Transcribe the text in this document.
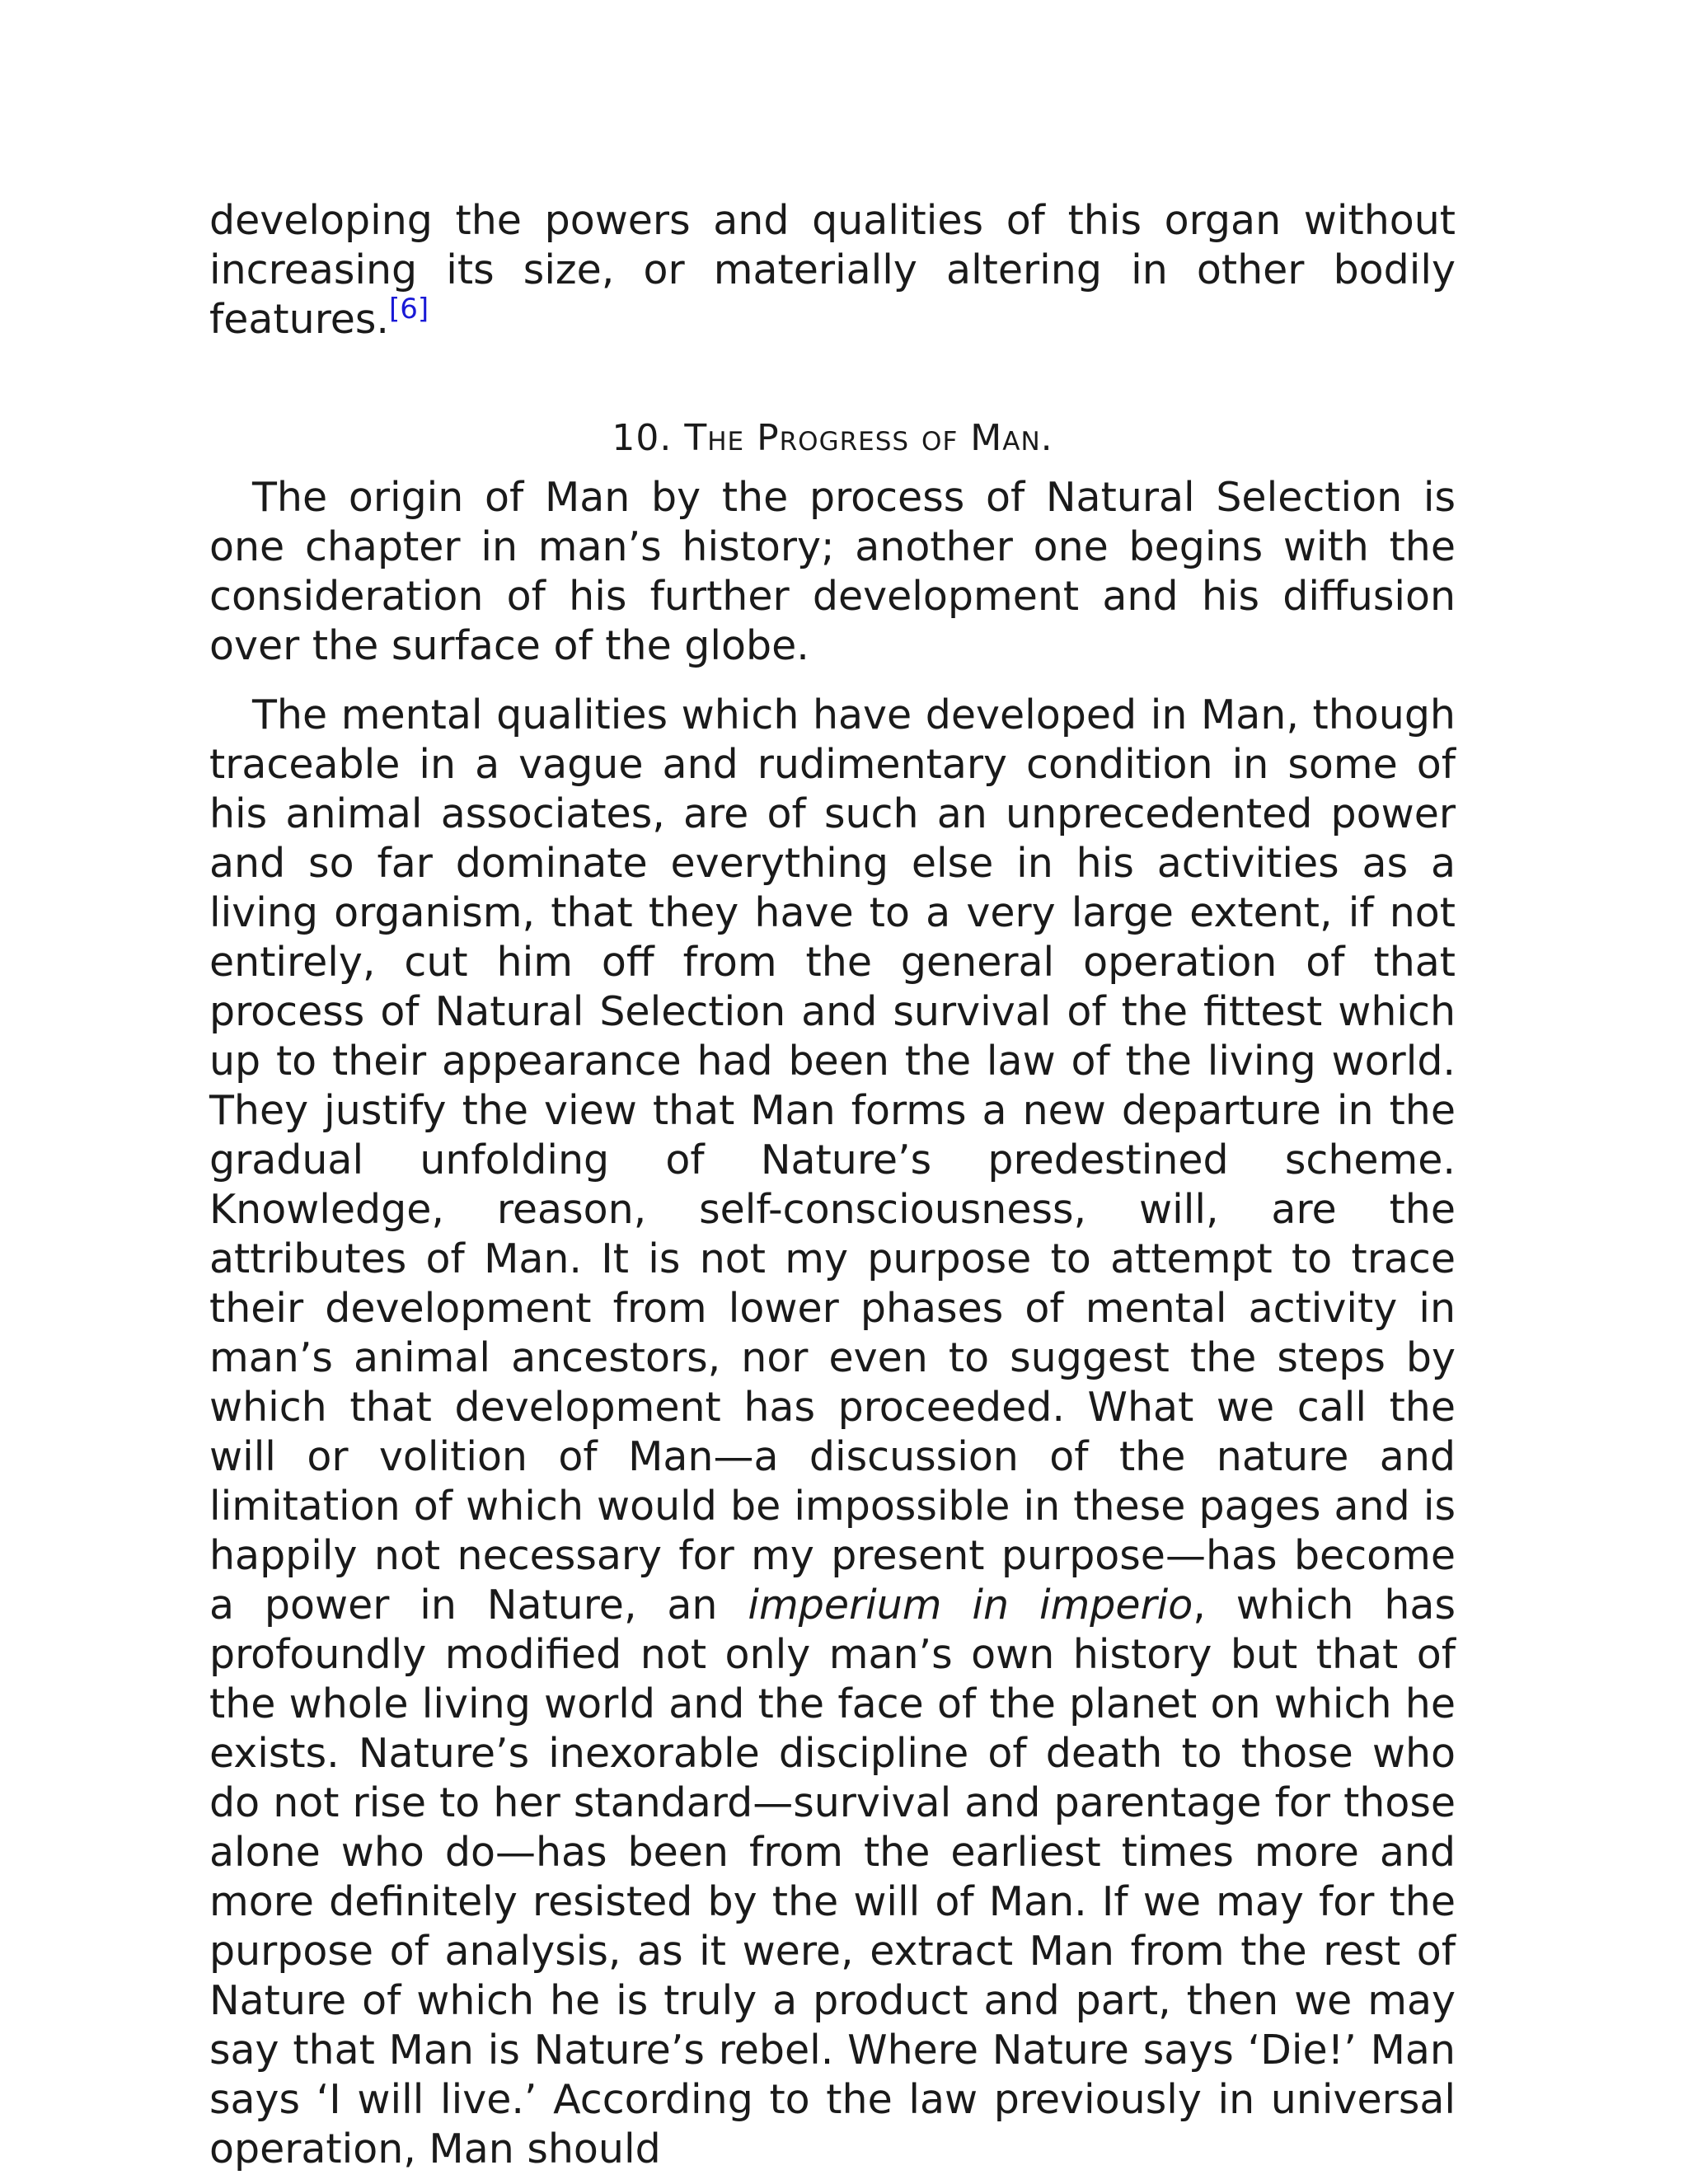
developing the powers and qualities of this organ without increasing its size, or materially altering in other bodily features.[6]

10. The Progress of Man.

The origin of Man by the process of Natural Selection is one chapter in man’s history; another one begins with the consideration of his further development and his diffusion over the surface of the globe.

The mental qualities which have developed in Man, though traceable in a vague and rudimentary condition in some of his animal associates, are of such an unprecedented power and so far dominate everything else in his activities as a living organism, that they have to a very large extent, if not entirely, cut him off from the general operation of that process of Natural Selection and survival of the fittest which up to their appearance had been the law of the living world. They justify the view that Man forms a new departure in the gradual unfolding of Nature’s predestined scheme. Knowledge, reason, self-consciousness, will, are the attributes of Man. It is not my purpose to attempt to trace their development from lower phases of mental activity in man’s animal ancestors, nor even to suggest the steps by which that development has proceeded. What we call the will or volition of Man—a discussion of the nature and limitation of which would be impossible in these pages and is happily not necessary for my present purpose—has become a power in Nature, an imperium in imperio, which has profoundly modified not only man’s own history but that of the whole living world and the face of the planet on which he exists. Nature’s inexorable discipline of death to those who do not rise to her standard—survival and parentage for those alone who do—has been from the earliest times more and more definitely resisted by the will of Man. If we may for the purpose of analysis, as it were, extract Man from the rest of Nature of which he is truly a product and part, then we may say that Man is Nature’s rebel. Where Nature says ‘Die!’ Man says ‘I will live.’ According to the law previously in universal operation, Man should
